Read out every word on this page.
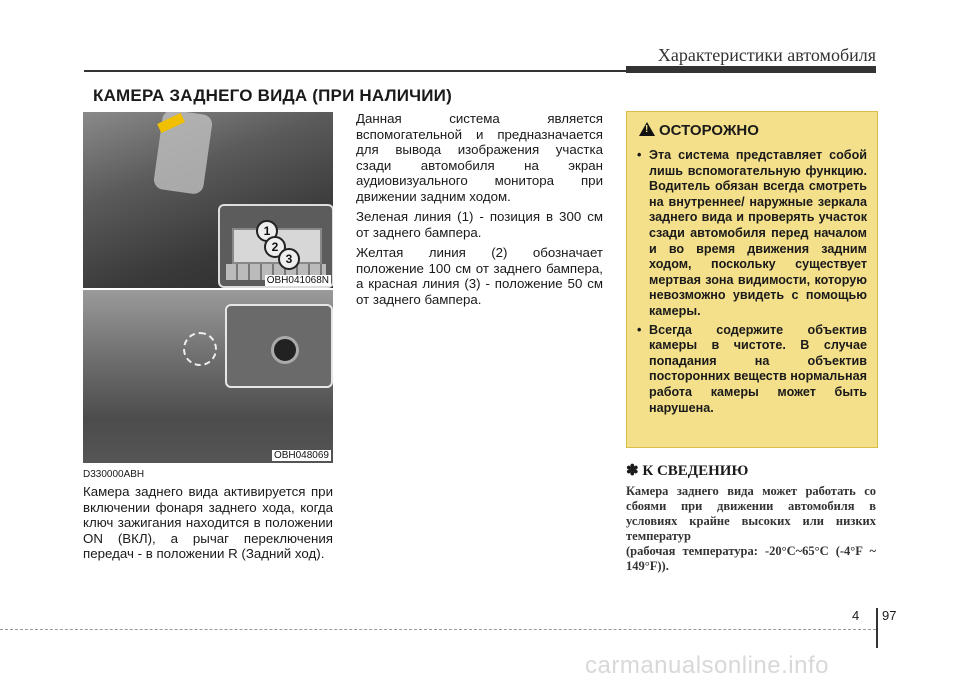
Характеристики автомобиля
КАМЕРА ЗАДНЕГО ВИДА (ПРИ НАЛИЧИИ)
1
2
3
OBH041068N
OBH048069
D330000ABH

Камера заднего вида активируется при включении фонаря заднего хода, когда ключ зажигания находится в положении ON (ВКЛ), а рычаг переключения передач - в положении R (Задний ход).

Данная система является вспомогательной и предназначается для вывода изображения участка сзади автомобиля на экран аудиовизуального монитора при движении задним ходом.

Зеленая линия (1) - позиция в 300 см от заднего бампера.

Желтая линия (2) обозначает положение 100 см от заднего бампера, а красная линия (3) - положение 50 см от заднего бампера.

!ОСТОРОЖНО
• Эта система представляет собой лишь вспомогательную функцию. Водитель обязан всегда смотреть на внутреннее/ наружные зеркала заднего вида и проверять участок сзади автомобиля перед началом и во время движения задним ходом, поскольку существует мертвая зона видимости, которую невозможно увидеть с помощью камеры.
• Всегда содержите объектив камеры в чистоте. В случае попадания на объектив посторонних веществ нормальная работа камеры может быть нарушена.
✽ К СВЕДЕНИЮ

Камера заднего вида может работать со сбоями при движении автомобиля в условиях крайне высоких или низких температур

(рабочая температура: -20°C~65°C (-4°F ~ 149°F)).

4 97
carmanualsonline.info
